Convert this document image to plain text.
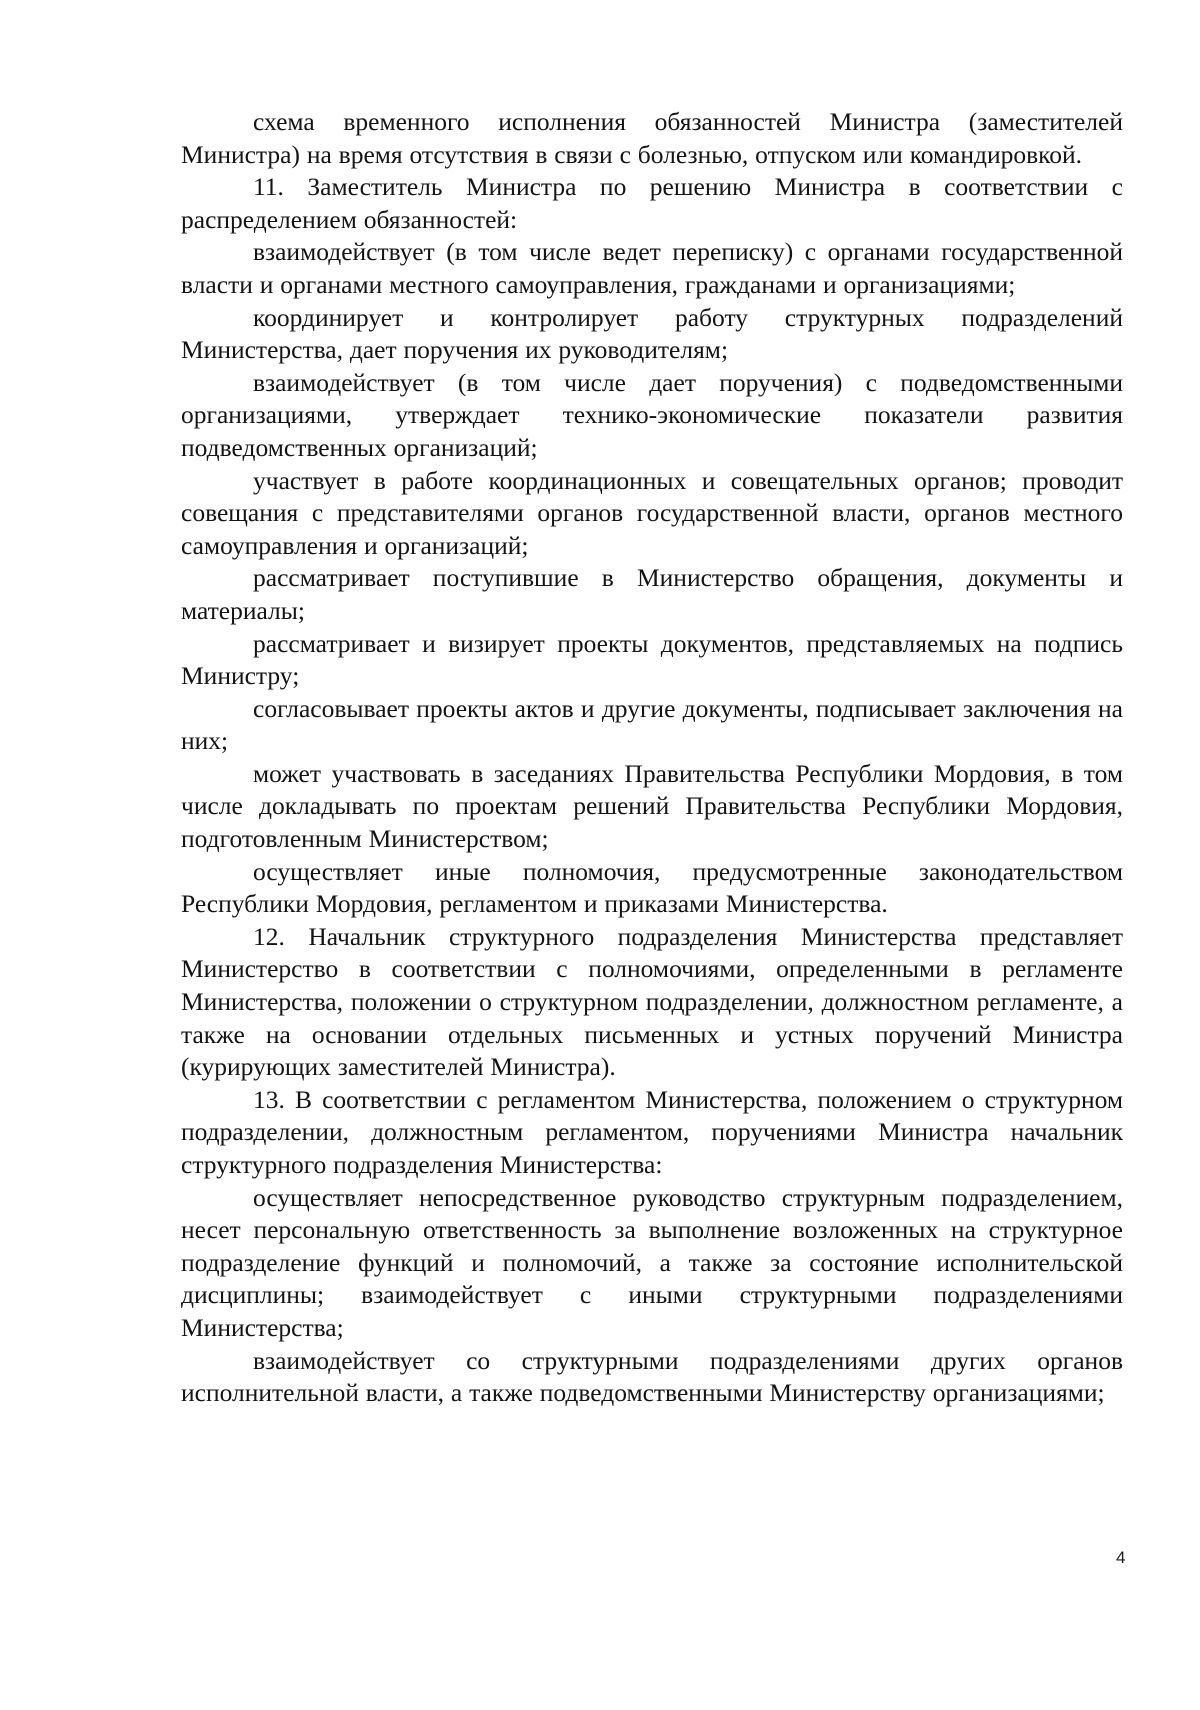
схема временного исполнения обязанностей Министра (заместителей Министра) на время отсутствия в связи с болезнью, отпуском или командировкой.

11. Заместитель Министра по решению Министра в соответствии с распределением обязанностей:

взаимодействует (в том числе ведет переписку) с органами государственной власти и органами местного самоуправления, гражданами и организациями;

координирует и контролирует работу структурных подразделений Министерства, дает поручения их руководителям;

взаимодействует (в том числе дает поручения) с подведомственными организациями, утверждает технико-экономические показатели развития подведомственных организаций;

участвует в работе координационных и совещательных органов; проводит совещания с представителями органов государственной власти, органов местного самоуправления и организаций;

рассматривает поступившие в Министерство обращения, документы и материалы;

рассматривает и визирует проекты документов, представляемых на подпись Министру;

согласовывает проекты актов и другие документы, подписывает заключения на них;

может участвовать в заседаниях Правительства Республики Мордовия, в том числе докладывать по проектам решений Правительства Республики Мордовия, подготовленным Министерством;

осуществляет иные полномочия, предусмотренные законодательством Республики Мордовия, регламентом и приказами Министерства.

12. Начальник структурного подразделения Министерства представляет Министерство в соответствии с полномочиями, определенными в регламенте Министерства, положении о структурном подразделении, должностном регламенте, а также на основании отдельных письменных и устных поручений Министра (курирующих заместителей Министра).

13. В соответствии с регламентом Министерства, положением о структурном подразделении, должностным регламентом, поручениями Министра начальник структурного подразделения Министерства:

осуществляет непосредственное руководство структурным подразделением, несет персональную ответственность за выполнение возложенных на структурное подразделение функций и полномочий, а также за состояние исполнительской дисциплины; взаимодействует с иными структурными подразделениями Министерства;

взаимодействует со структурными подразделениями других органов исполнительной власти, а также подведомственными Министерству организациями;

4
